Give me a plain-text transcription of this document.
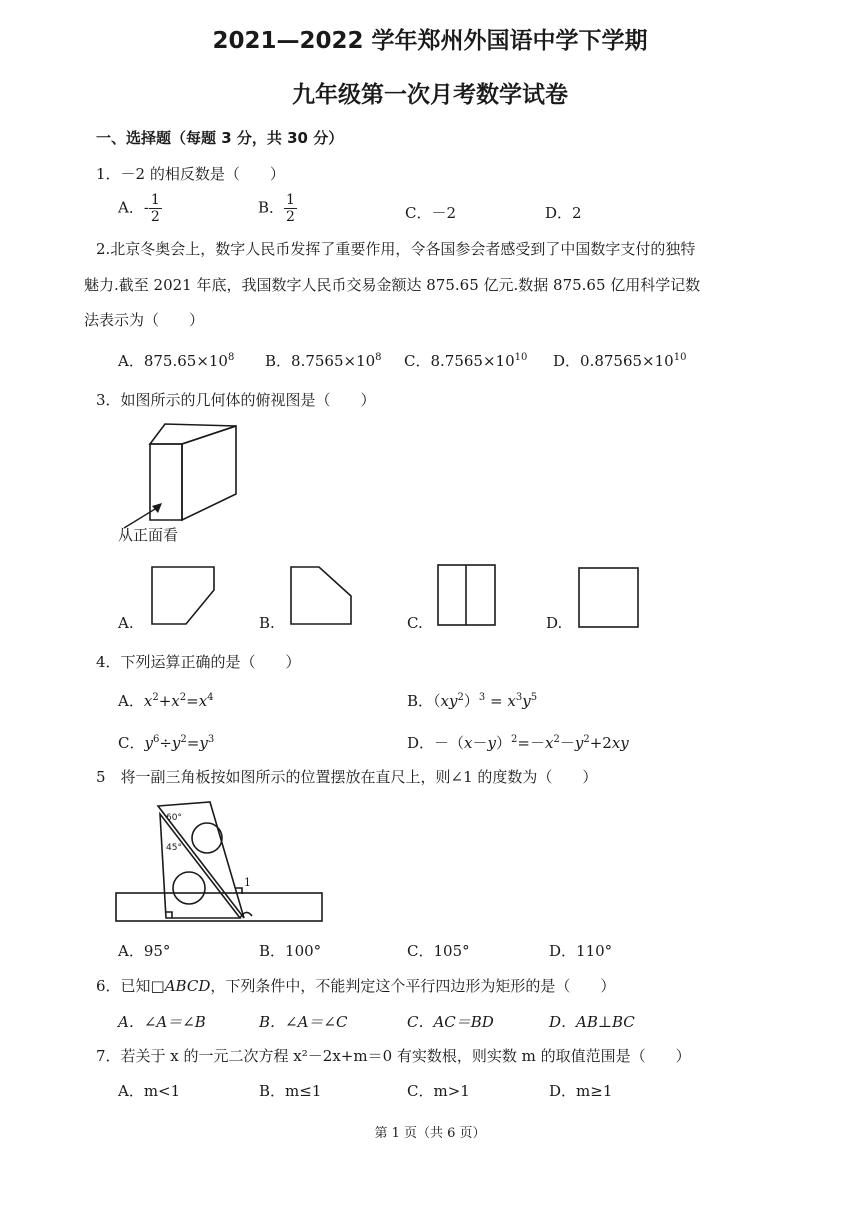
2021—2022 学年郑州外国语中学下学期
九年级第一次月考数学试卷
一、选择题（每题 3 分，共 30 分）
1．－2 的相反数是（　　）
A．- $\frac{1}{2}$	B． $\frac{1}{2}$	C．－2	D．2
2.北京冬奥会上，数字人民币发挥了重要作用，令各国参会者感受到了中国数字支付的独特
魅力.截至 2021 年底，我国数字人民币交易金额达 875.65 亿元.数据 875.65 亿用科学记数
法表示为（　　）
A．$875.65\times 10^8$ B．$8.7565\times 10^8$ C．$8.7565\times 10^{10}$ D．$0.87565\times 10^{10}$
3．如图所示的几何体的俯视图是（　　）
从正面看
A.	B.	C.	D.
4．下列运算正确的是（　　）
A．$x^2+x^2=x^4$	B．$(xy^2)^3 = x^3y^5$
C．$y^6\div y^2=y^3$	D．$-(x-y)^2=-x^2-y^2+2xy$
5　将一副三角板按如图所示的位置摆放在直尺上，则∠1 的度数为（　　）
60°
45°
1
A．95°	B．100°	C．105°	D．110°
6．已知□ABCD，下列条件中，不能判定这个平行四边形为矩形的是（　　）
A．∠A＝∠B	B．∠A＝∠C	C．AC＝BD	D．AB⊥BC
7．若关于 x 的一元二次方程 x²－2x+m＝0 有实数根，则实数 m 的取值范围是（　　）
A．m<1	B．m≤1	C．m>1	D．m≥1
第 1 页（共 6 页）
